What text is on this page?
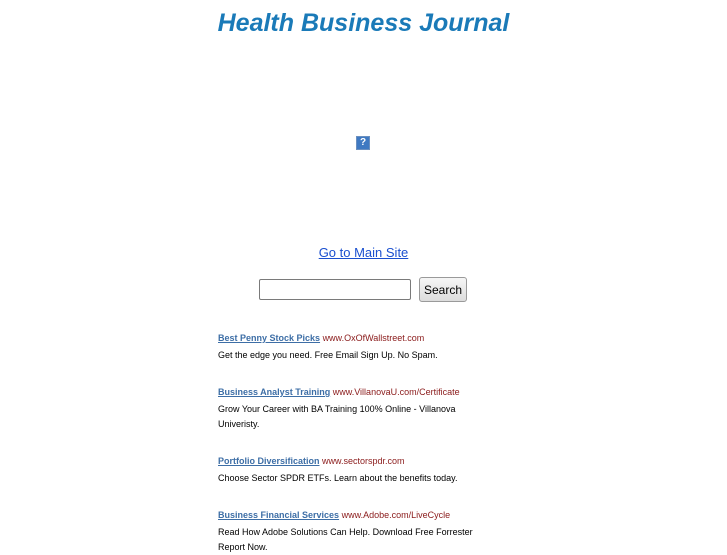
Health Business Journal
?
Go to Main Site
Search
Best Penny Stock Picks www.OxOfWallstreet.com
Get the edge you need. Free Email Sign Up. No Spam.
Business Analyst Training www.VillanovaU.com/Certificate
Grow Your Career with BA Training 100% Online - Villanova Univeristy.
Portfolio Diversification www.sectorspdr.com
Choose Sector SPDR ETFs. Learn about the benefits today.
Business Financial Services www.Adobe.com/LiveCycle
Read How Adobe Solutions Can Help. Download Free Forrester Report Now.
